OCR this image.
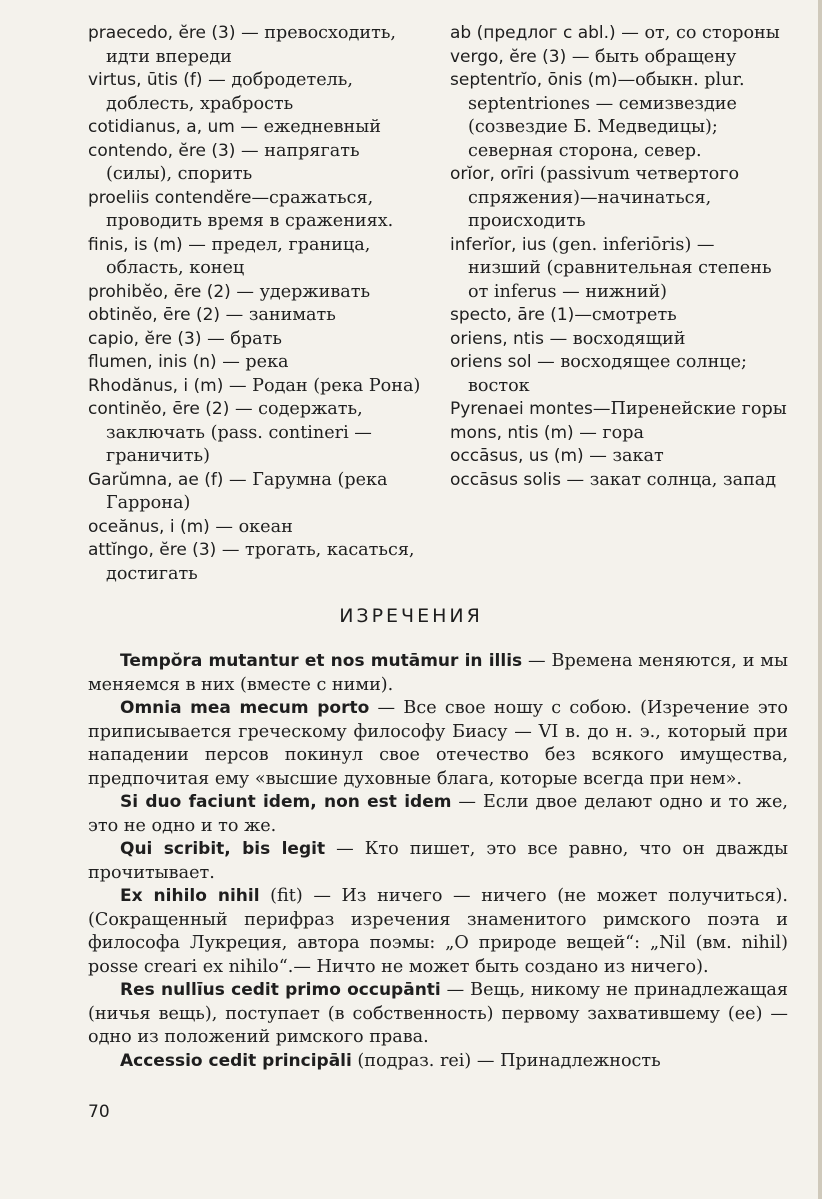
praecedo, ĕre (3) — превосходить, идти впереди
virtus, ūtis (f) — добродетель, доблесть, храбрость
cotidianus, a, um — ежедневный
contendo, ĕre (3) — напрягать (силы), спорить
proeliis contendĕre—сражаться, проводить время в сражениях.
finis, is (m) — предел, граница, область, конец
prohibĕo, ēre (2) — удерживать
obtinĕo, ēre (2) — занимать
capio, ĕre (3) — брать
flumen, inis (n) — река
Rhodănus, i (m) — Родан (река Рона)
continĕo, ēre (2) — содержать, заключать (pass. contineri — граничить)
Garŭmna, ae (f) — Гарумна (река Гаррона)
oceănus, i (m) — океан
attĭngo, ĕre (3) — трогать, касаться, достигать
ab (предлог с abl.) — от, со стороны
vergo, ĕre (3) — быть обращену
septentrĭo, ōnis (m)—обыкн. plur. septentriones — семизвездие (созвездие Б. Медведицы); северная сторона, север.
orĭor, orīri (passivum четвертого спряжения)—начинаться, происходить
inferĭor, ius (gen. inferiōris) — низший (сравнительная степень от inferus — нижний)
specto, āre (1)—смотреть
oriens, ntis — восходящий
oriens sol — восходящее солнце; восток
Pyrenaei montes—Пиренейские горы
mons, ntis (m) — гора
occāsus, us (m) — закат
occāsus solis — закат солнца, запад
ИЗРЕЧЕНИЯ

Tempŏra mutantur et nos mutāmur in illis — Времена меняются, и мы меняемся в них (вместе с ними).

Omnia mea mecum porto — Все свое ношу с собою. (Изречение это приписывается греческому философу Биасу — VI в. до н. э., который при нападении персов покинул свое отечество без всякого имущества, предпочитая ему «высшие духовные блага, которые всегда при нем».

Si duo faciunt idem, non est idem — Если двое делают одно и то же, это не одно и то же.

Qui scribit, bis legit — Кто пишет, это все равно, что он дважды прочитывает.

Ex nihilo nihil (fit) — Из ничего — ничего (не может получиться). (Сокращенный перифраз изречения знаменитого римского поэта и философа Лукреция, автора поэмы: „О природе вещей“: „Nil (вм. nihil) posse creari ex nihilo“.— Ничто не может быть создано из ничего).

Res nullīus cedit primo occupānti — Вещь, никому не принадлежащая (ничья вещь), поступает (в собственность) первому захватившему (ее) — одно из положений римского права.

Accessio cedit principāli (подраз. rei) — Принадлежность

70
